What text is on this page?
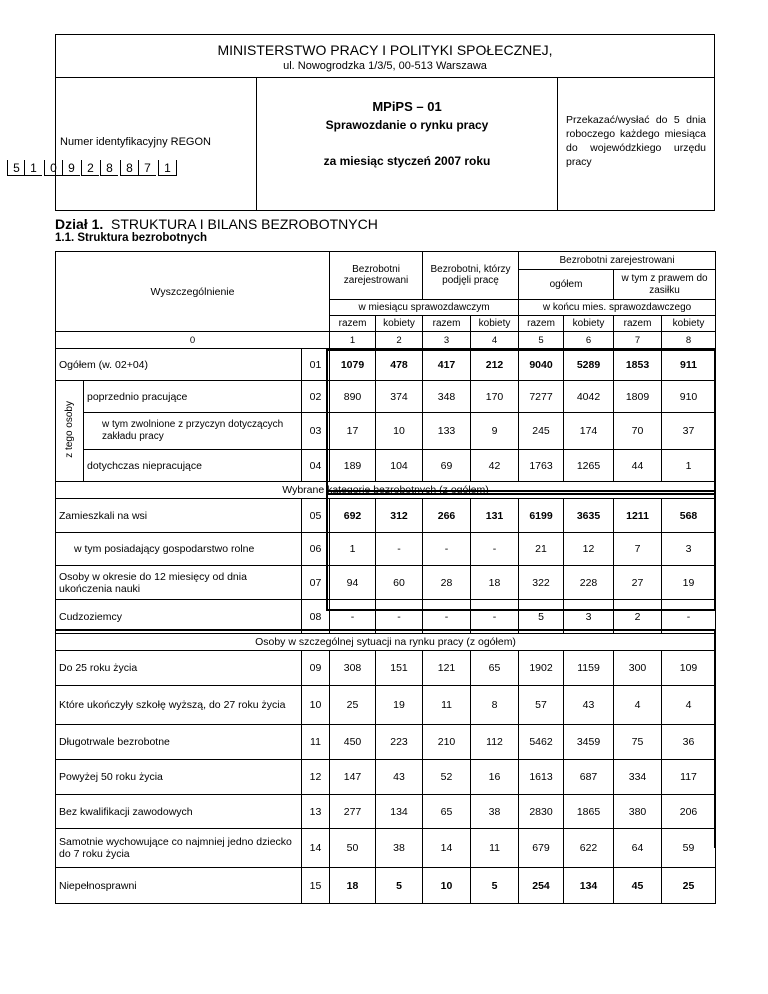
MINISTERSTWO PRACY I POLITYKI SPOŁECZNEJ,
ul. Nowogrodzka 1/3/5, 00-513 Warszawa
MPiPS – 01
Sprawozdanie o rynku pracy
za miesiąc styczeń 2007 roku
Numer identyfikacyjny REGON
Przekazać/wysłać do 5 dnia roboczego każdego miesiąca do wojewódzkiego urzędu pracy
5 1	0 9	2	8	8 7	1
Dział 1. STRUKTURA I BILANS BEZROBOTNYCH
1.1. Struktura bezrobotnych
Wyszczególnienie			Bezrobotni zarejestrowani		Bezrobotni, którzy podjęli pracę		Bezrobotni zarejestrowani			
							ogółem		w tym z prawem do zasiłku	
			w miesiącu sprawozdawczym				w końcu mies. sprawozdawczego			
			razem	kobiety	razem	kobiety	razem	kobiety	razem	kobiety
0			1	2	3	4	5	6	7	8
Ogółem (w. 02+04)		01	1079	478	417	212	9040	5289	1853	911
z tego osoby	poprzednio pracujące	02	890	374	348	170	7277	4042	1809	910
	w tym zwolnione z przyczyn dotyczących zakładu pracy	03	17	10	133	9	245	174	70	37
	dotychczas niepracujące	04	189	104	69	42	1763	1265	44	1
Wybrane kategorie bezrobotnych (z ogółem)										
Zamieszkali na wsi		05	692	312	266	131	6199	3635	1211	568
w tym posiadający gospodarstwo rolne		06	1	-	-	-	21	12	7	3
Osoby w okresie do 12 miesięcy od dnia ukończenia nauki		07	94	60	28	18	322	228	27	19
Cudzoziemcy		08	-	-	-	-	5	3	2	-
Osoby w szczególnej sytuacji na rynku pracy (z ogółem)										
Do 25 roku życia		09	308	151	121	65	1902	1159	300	109
Które ukończyły szkołę wyższą, do 27 roku życia		10	25	19	11	8	57	43	4	4
Długotrwale bezrobotne		11	450	223	210	112	5462	3459	75	36
Powyżej 50 roku życia		12	147	43	52	16	1613	687	334	117
Bez kwalifikacji zawodowych		13	277	134	65	38	2830	1865	380	206
Samotnie wychowujące co najmniej jedno dziecko do 7 roku życia		14	50	38	14	11	679	622	64	59
Niepełnosprawni		15	18	5	10	5	254	134	45	25
